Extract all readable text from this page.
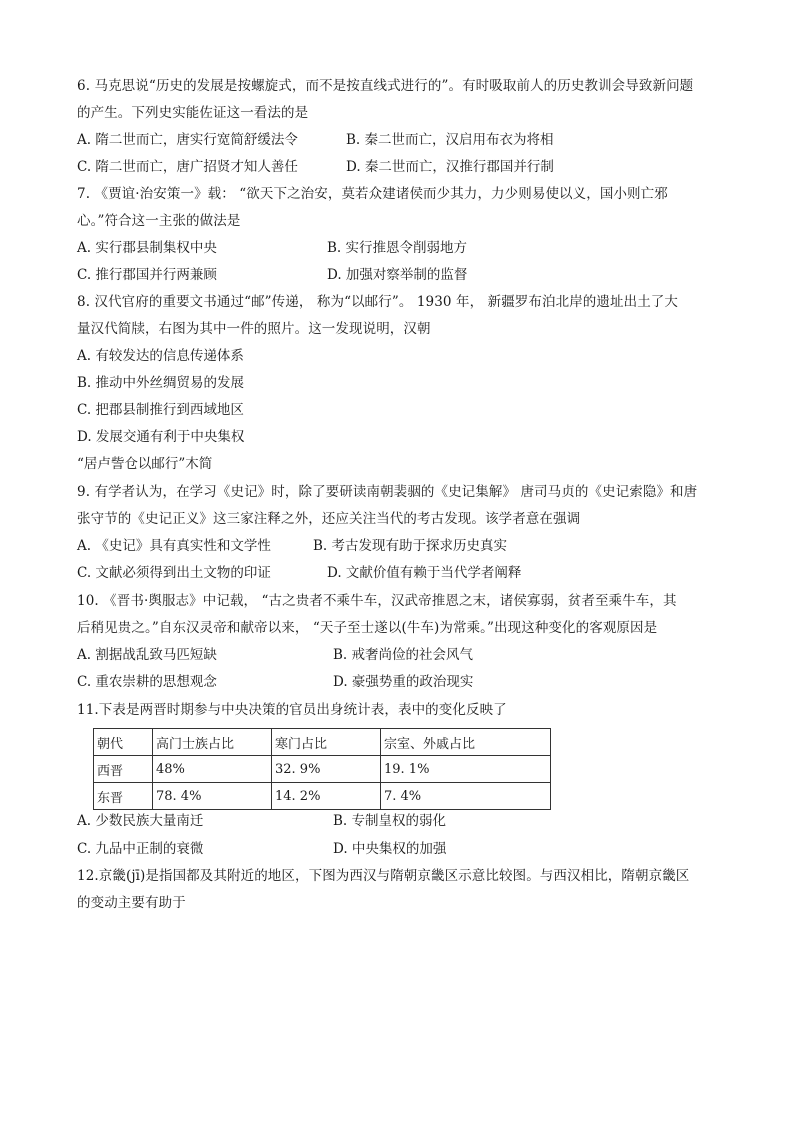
6. 马克思说“历史的发展是按螺旋式，而不是按直线式进行的”。有时吸取前人的历史教训会导致新问题
的产生。下列史实能佐证这一看法的是
A. 隋二世而亡，唐实行宽简舒缓法令	B. 秦二世而亡，汉启用布衣为将相
C. 隋二世而亡，唐广招贤才知人善任	D. 秦二世而亡，汉推行郡国并行制
7. 《贾谊·治安策一》载： “欲天下之治安，莫若众建诸侯而少其力，力少则易使以义，国小则亡邪
心。”符合这一主张的做法是
A. 实行郡县制集权中央	B. 实行推恩令削弱地方
C. 推行郡国并行两兼顾	D. 加强对察举制的监督
8. 汉代官府的重要文书通过“邮”传递， 称为“以邮行”。 1930 年， 新疆罗布泊北岸的遗址出土了大
量汉代简牍，右图为其中一件的照片。这一发现说明，汉朝
A. 有较发达的信息传递体系
B. 推动中外丝绸贸易的发展
C. 把郡县制推行到西域地区
D. 发展交通有利于中央集权
“居卢訾仓以邮行”木简
9. 有学者认为，在学习《史记》时，除了要研读南朝裴骃的《史记集解》 唐司马贞的《史记索隐》和唐
张守节的《史记正义》这三家注释之外，还应关注当代的考古发现。该学者意在强调
A. 《史记》具有真实性和文学性	B. 考古发现有助于探求历史真实
C. 文献必须得到出土文物的印证	D. 文献价值有赖于当代学者阐释
10. 《晋书·舆服志》中记载， “古之贵者不乘牛车，汉武帝推恩之末，诸侯寡弱，贫者至乘牛车，其
后稍见贵之。”自东汉灵帝和献帝以来， “天子至士遂以(牛车)为常乘。”出现这种变化的客观原因是
A. 割据战乱致马匹短缺	B. 戒奢尚俭的社会风气
C. 重农崇耕的思想观念	D. 豪强势重的政治现实
11.下表是两晋时期参与中央决策的官员出身统计表，表中的变化反映了
朝代	高门士族占比	寒门占比	宗室、外戚占比
西晋	48%	32. 9%	19. 1%
东晋	78. 4%	14. 2%	7. 4%
A. 少数民族大量南迁	B. 专制皇权的弱化
C. 九品中正制的衰微	D. 中央集权的加强
12.京畿(jī)是指国都及其附近的地区，下图为西汉与隋朝京畿区示意比较图。与西汉相比，隋朝京畿区
的变动主要有助于
